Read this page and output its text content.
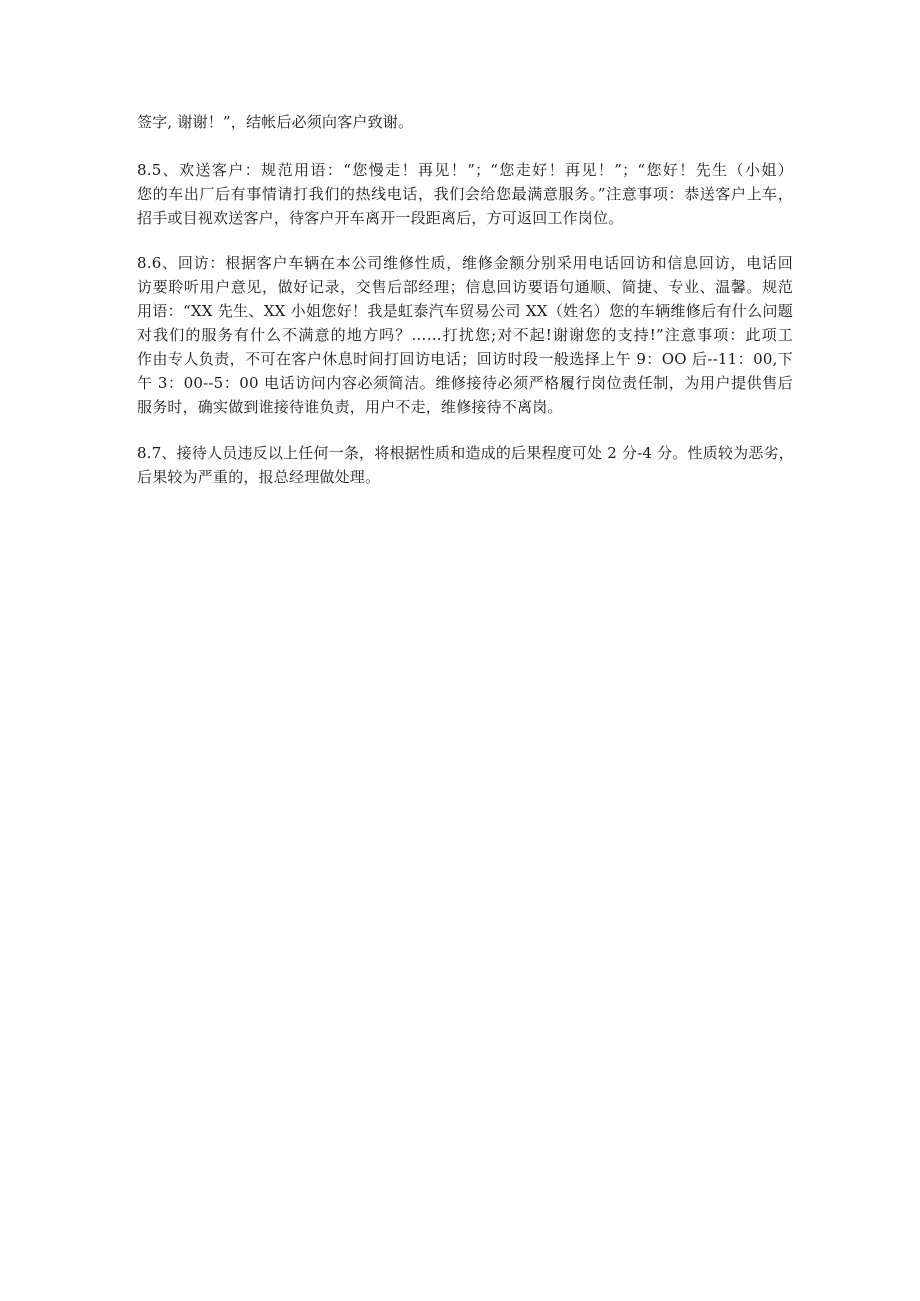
签字, 谢谢！”，结帐后必须向客户致谢。

8.5、欢送客户：规范用语：“您慢走！再见！”；“您走好！再见！”；“您好！先生（小姐）
您的车出厂后有事情请打我们的热线电话，我们会给您最满意服务。”注意事项：恭送客户上车，
招手或目视欢送客户，待客户开车离开一段距离后，方可返回工作岗位。

8.6、回访：根据客户车辆在本公司维修性质，维修金额分别采用电话回访和信息回访，电话回
访要聆听用户意见，做好记录，交售后部经理；信息回访要语句通顺、简捷、专业、温馨。规范
用语：“XX 先生、XX 小姐您好！我是虹泰汽车贸易公司 XX（姓名）您的车辆维修后有什么问题
对我们的服务有什么不满意的地方吗？……打扰您;对不起!谢谢您的支持!”注意事项：此项工
作由专人负责，不可在客户休息时间打回访电话；回访时段一般选择上午 9：OO 后--11：00,下
午 3：00--5：00 电话访问内容必须简洁。维修接待必须严格履行岗位责任制，为用户提供售后
服务时，确实做到谁接待谁负责，用户不走，维修接待不离岗。

8.7、接待人员违反以上任何一条，将根据性质和造成的后果程度可处 2 分-4 分。性质较为恶劣，
后果较为严重的，报总经理做处理。
